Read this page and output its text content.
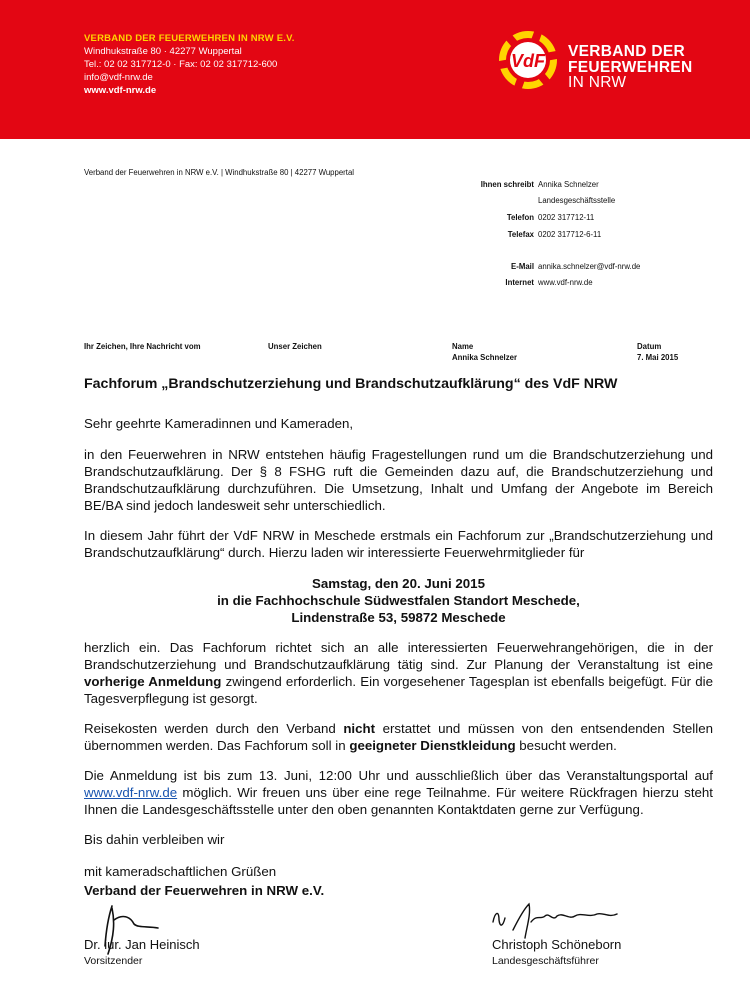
VERBAND DER FEUERWEHREN IN NRW E.V.
Windhukstraße 80 · 42277 Wuppertal
Tel.: 02 02 317712-0 · Fax: 02 02 317712-600
info@vdf-nrw.de
www.vdf-nrw.de
VdF VERBAND DER
FEUERWEHREN
IN NRW
Verband der Feuerwehren in NRW e.V. | Windhukstraße 80 | 42277 Wuppertal
Ihnen schreibt Annika Schnelzer
Landesgeschäftsstelle
Telefon 0202 317712-11
Telefax 0202 317712-6-11
E-Mail annika.schnelzer@vdf-nrw.de
Internet www.vdf-nrw.de
Ihr Zeichen, Ihre Nachricht vom	Unser Zeichen	Name
Annika Schnelzer
Datum
7. Mai 2015
Fachforum „Brandschutzerziehung und Brandschutzaufklärung“ des VdF NRW
Sehr geehrte Kameradinnen und Kameraden,
in den Feuerwehren in NRW entstehen häufig Fragestellungen rund um die Brandschutzerziehung und Brandschutzaufklärung. Der § 8 FSHG ruft die Gemeinden dazu auf, die Brandschutzerziehung und Brandschutzaufklärung durchzuführen. Die Umsetzung, Inhalt und Umfang der Angebote im Bereich BE/BA sind jedoch landesweit sehr unterschiedlich.
In diesem Jahr führt der VdF NRW in Meschede erstmals ein Fachforum zur „Brandschutzerziehung und Brandschutzaufklärung“ durch. Hierzu laden wir interessierte Feuerwehrmitglieder für
Samstag, den 20. Juni 2015
in die Fachhochschule Südwestfalen Standort Meschede,
Lindenstraße 53, 59872 Meschede
herzlich ein. Das Fachforum richtet sich an alle interessierten Feuerwehrangehörigen, die in der Brandschutzerziehung und Brandschutzaufklärung tätig sind. Zur Planung der Veranstaltung ist eine vorherige Anmeldung zwingend erforderlich. Ein vorgesehener Tagesplan ist ebenfalls beigefügt. Für die Tagesverpflegung ist gesorgt.
Reisekosten werden durch den Verband nicht erstattet und müssen von den entsendenden Stellen übernommen werden. Das Fachforum soll in geeigneter Dienstkleidung besucht werden.
Die Anmeldung ist bis zum 13. Juni, 12:00 Uhr und ausschließlich über das Veranstaltungsportal auf www.vdf-nrw.de möglich. Wir freuen uns über eine rege Teilnahme. Für weitere Rückfragen hierzu steht Ihnen die Landesgeschäftsstelle unter den oben genannten Kontaktdaten gerne zur Verfügung.
Bis dahin verbleiben wir
mit kameradschaftlichen Grüßen
Verband der Feuerwehren in NRW e.V.
Dr. iur. Jan Heinisch
Vorsitzender
Christoph Schöneborn
Landesgeschäftsführer
